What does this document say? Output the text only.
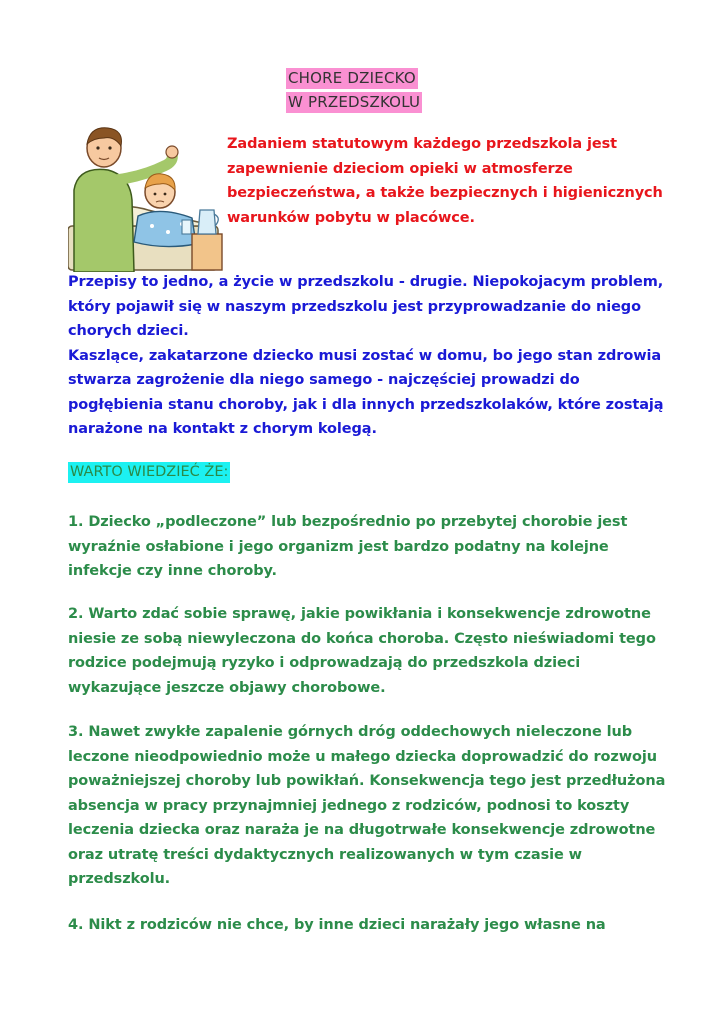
CHORE DZIECKO
W PRZEDSZKOLU

Zadaniem statutowym każdego przedszkola jest zapewnienie dzieciom opieki w atmosferze bezpieczeństwa, a także bezpiecznych i higienicznych warunków pobytu w placówce.

Przepisy to jedno, a życie w przedszkolu - drugie. Niepokojacym problem, który pojawił się w naszym przedszkolu jest przyprowadzanie do niego chorych dzieci.

Kaszlące, zakatarzone dziecko musi zostać w domu, bo jego stan zdrowia stwarza zagrożenie dla niego samego - najczęściej prowadzi do pogłębienia stanu choroby, jak i dla innych przedszkolaków, które zostają narażone na kontakt z chorym kolegą.

WARTO WIEDZIEĆ ŻE:

1. Dziecko „podleczone” lub bezpośrednio po przebytej chorobie jest wyraźnie osłabione i jego organizm jest bardzo podatny na kolejne infekcje czy inne choroby.

2. Warto zdać sobie sprawę, jakie powikłania i konsekwencje zdrowotne niesie ze sobą niewyleczona do końca choroba. Często nieświadomi tego rodzice podejmują ryzyko i odprowadzają do przedszkola dzieci wykazujące jeszcze objawy chorobowe.

3. Nawet zwykłe zapalenie górnych dróg oddechowych nieleczone lub leczone nieodpowiednio może u małego dziecka doprowadzić do rozwoju poważniejszej choroby lub powikłań. Konsekwencja tego jest przedłużona absencja w pracy przynajmniej jednego z rodziców, podnosi to koszty leczenia dziecka oraz naraża je na długotrwałe konsekwencje zdrowotne oraz utratę treści dydaktycznych realizowanych w tym czasie w przedszkolu.

4. Nikt z rodziców nie chce, by inne dzieci narażały jego własne na
